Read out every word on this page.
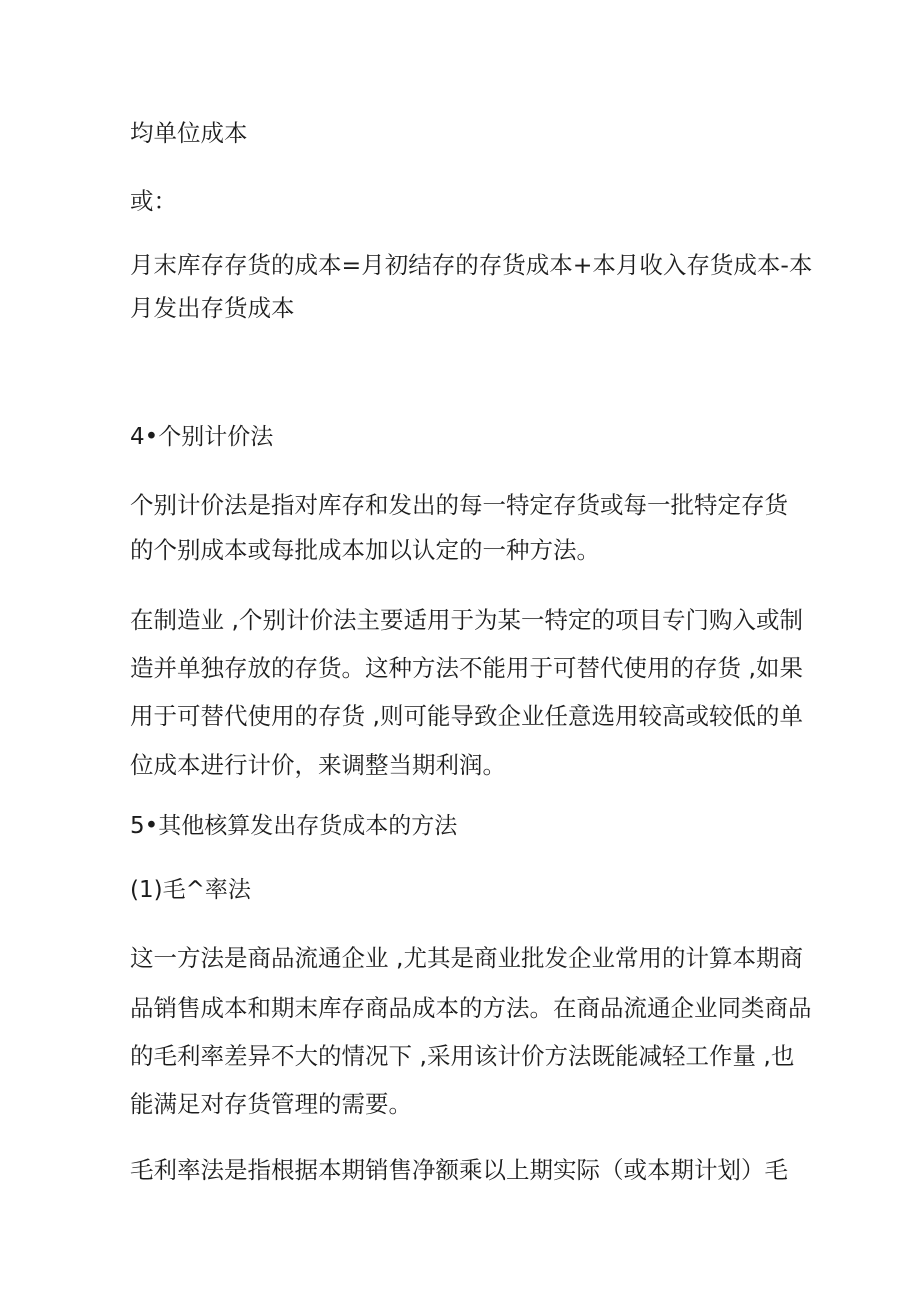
均单位成本
或：
月末库存存货的成本=月初结存的存货成本+本月收入存货成本-本
月发出存货成本
4•个别计价法
个别计价法是指对库存和发出的每一特定存货或每一批特定存货
的个别成本或每批成本加以认定的一种方法。
在制造业 ,个别计价法主要适用于为某一特定的项目专门购入或制
造并单独存放的存货。这种方法不能用于可替代使用的存货 ,如果
用于可替代使用的存货 ,则可能导致企业任意选用较高或较低的单
位成本进行计价，来调整当期利润。
5•其他核算发出存货成本的方法
(1)毛^率法
这一方法是商品流通企业 ,尤其是商业批发企业常用的计算本期商
品销售成本和期末库存商品成本的方法。在商品流通企业同类商品
的毛利率差异不大的情况下 ,采用该计价方法既能减轻工作量 ,也
能满足对存货管理的需要。
毛利率法是指根据本期销售净额乘以上期实际（或本期计划）毛
